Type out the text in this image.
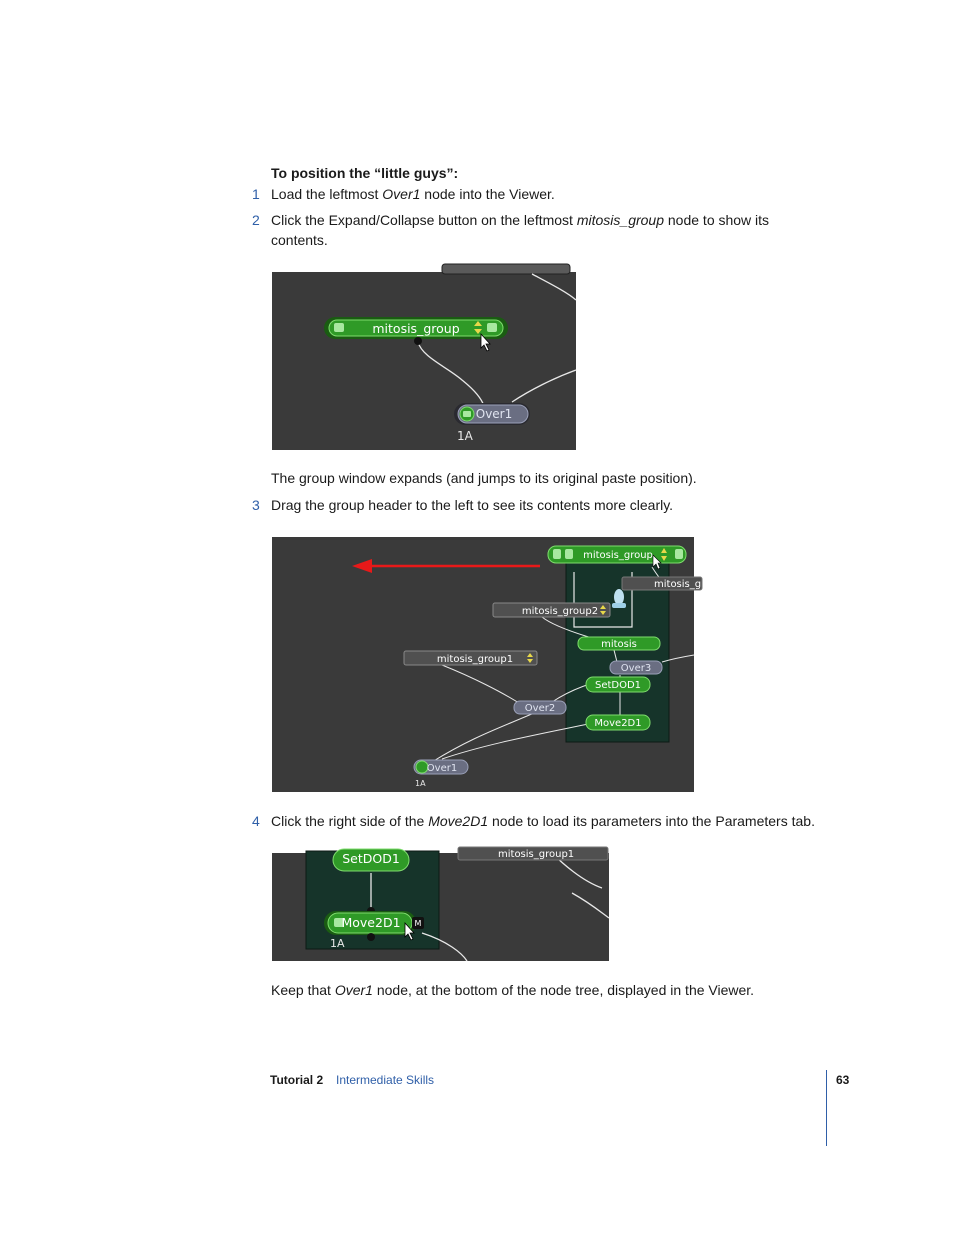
To position the “little guys”:
1 Load the leftmost Over1 node into the Viewer.
2 Click the Expand/Collapse button on the leftmost mitosis_group node to show its
contents.
mitosis_group
Over1
1A
The group window expands (and jumps to its original paste position).
3 Drag the group header to the left to see its contents more clearly.
mitosis_group
mitosis_g
mitosis_group2
mitosis
mitosis_group1
Over3
SetDOD1
Over2
Move2D1
Over1
1A
4 Click the right side of the Move2D1 node to load its parameters into the Parameters tab.
SetDOD1	mitosis_group1
Move2D1 M
1A
Keep that Over1 node, at the bottom of the node tree, displayed in the Viewer.
Tutorial 2 Intermediate Skills	63
